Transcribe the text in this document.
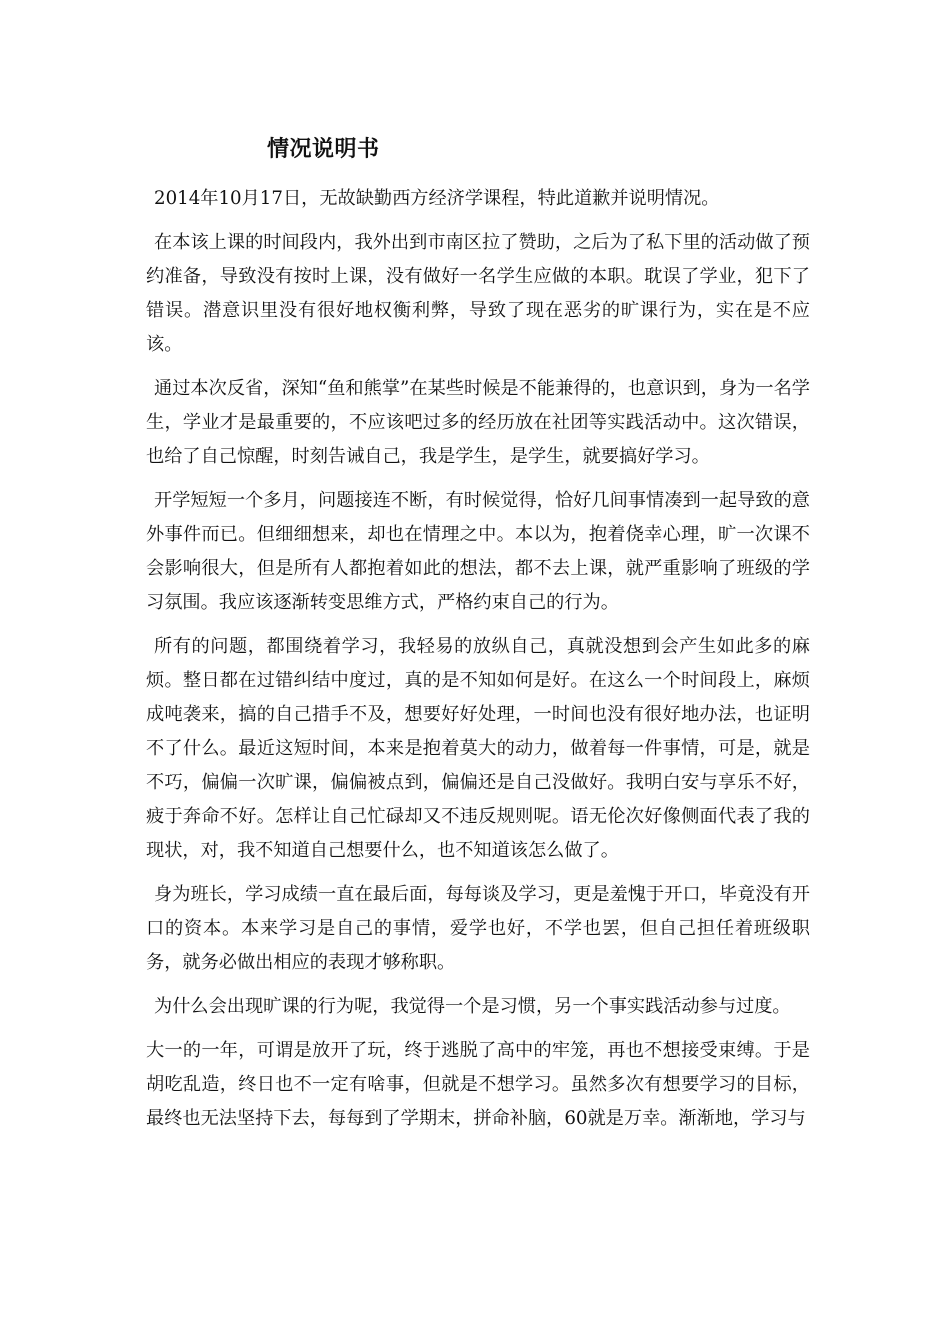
情况说明书

2014年10月17日，无故缺勤西方经济学课程，特此道歉并说明情况。

在本该上课的时间段内，我外出到市南区拉了赞助，之后为了私下里的活动做了预约准备，导致没有按时上课，没有做好一名学生应做的本职。耽误了学业，犯下了错误。潜意识里没有很好地权衡利弊，导致了现在恶劣的旷课行为，实在是不应该。

通过本次反省，深知“鱼和熊掌”在某些时候是不能兼得的，也意识到，身为一名学生，学业才是最重要的，不应该吧过多的经历放在社团等实践活动中。这次错误，也给了自己惊醒，时刻告诫自己，我是学生，是学生，就要搞好学习。

开学短短一个多月，问题接连不断，有时候觉得，恰好几间事情凑到一起导致的意外事件而已。但细细想来，却也在情理之中。本以为，抱着侥幸心理，旷一次课不会影响很大，但是所有人都抱着如此的想法，都不去上课，就严重影响了班级的学习氛围。我应该逐渐转变思维方式，严格约束自己的行为。

所有的问题，都围绕着学习，我轻易的放纵自己，真就没想到会产生如此多的麻烦。整日都在过错纠结中度过，真的是不知如何是好。在这么一个时间段上，麻烦成吨袭来，搞的自己措手不及，想要好好处理，一时间也没有很好地办法，也证明不了什么。最近这短时间，本来是抱着莫大的动力，做着每一件事情，可是，就是不巧，偏偏一次旷课，偏偏被点到，偏偏还是自己没做好。我明白安与享乐不好，疲于奔命不好。怎样让自己忙碌却又不违反规则呢。语无伦次好像侧面代表了我的现状，对，我不知道自己想要什么，也不知道该怎么做了。

身为班长，学习成绩一直在最后面，每每谈及学习，更是羞愧于开口，毕竟没有开口的资本。本来学习是自己的事情，爱学也好，不学也罢，但自己担任着班级职务，就务必做出相应的表现才够称职。

为什么会出现旷课的行为呢，我觉得一个是习惯，另一个事实践活动参与过度。

大一的一年，可谓是放开了玩，终于逃脱了高中的牢笼，再也不想接受束缚。于是胡吃乱造，终日也不一定有啥事，但就是不想学习。虽然多次有想要学习的目标，最终也无法坚持下去，每每到了学期末，拼命补脑，60就是万幸。渐渐地，学习与
